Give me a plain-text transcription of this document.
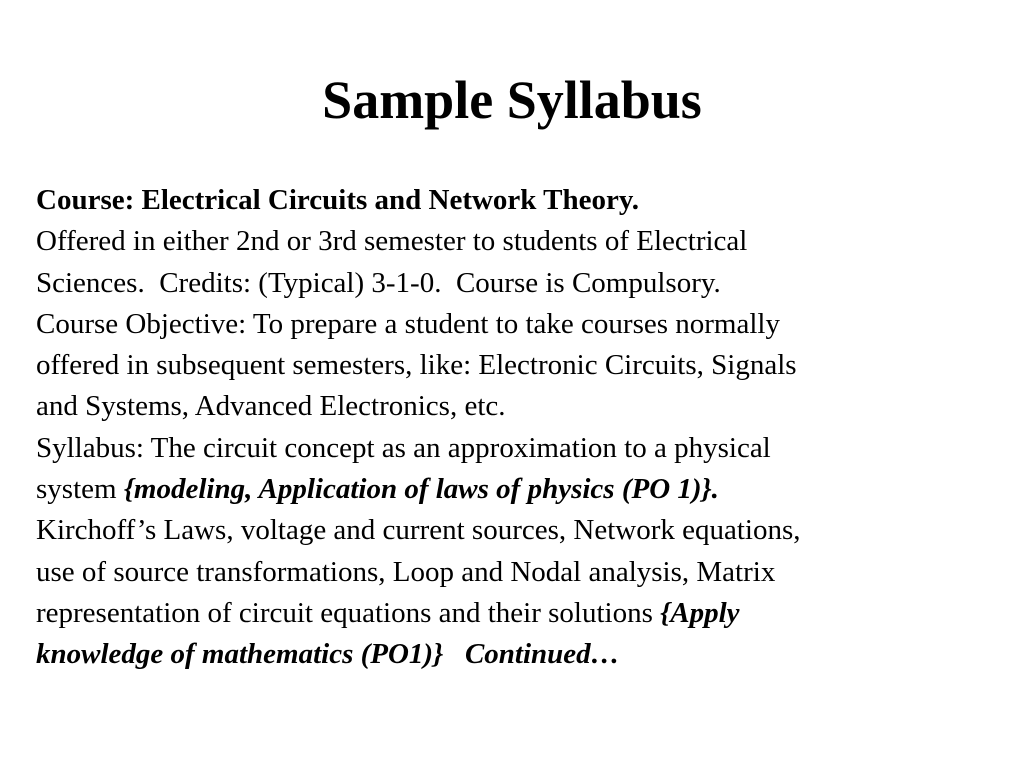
Sample Syllabus
Course: Electrical Circuits and Network Theory.
Offered in either 2nd or 3rd semester to students of Electrical
Sciences.  Credits: (Typical) 3-1-0.  Course is Compulsory.
Course Objective: To prepare a student to take courses normally
offered in subsequent semesters, like: Electronic Circuits, Signals
and Systems, Advanced Electronics, etc.
Syllabus: The circuit concept as an approximation to a physical
system {modeling, Application of laws of physics (PO 1)}.
Kirchoff’s Laws, voltage and current sources, Network equations,
use of source transformations, Loop and Nodal analysis, Matrix
representation of circuit equations and their solutions {Apply
knowledge of mathematics (PO1)}   Continued…
